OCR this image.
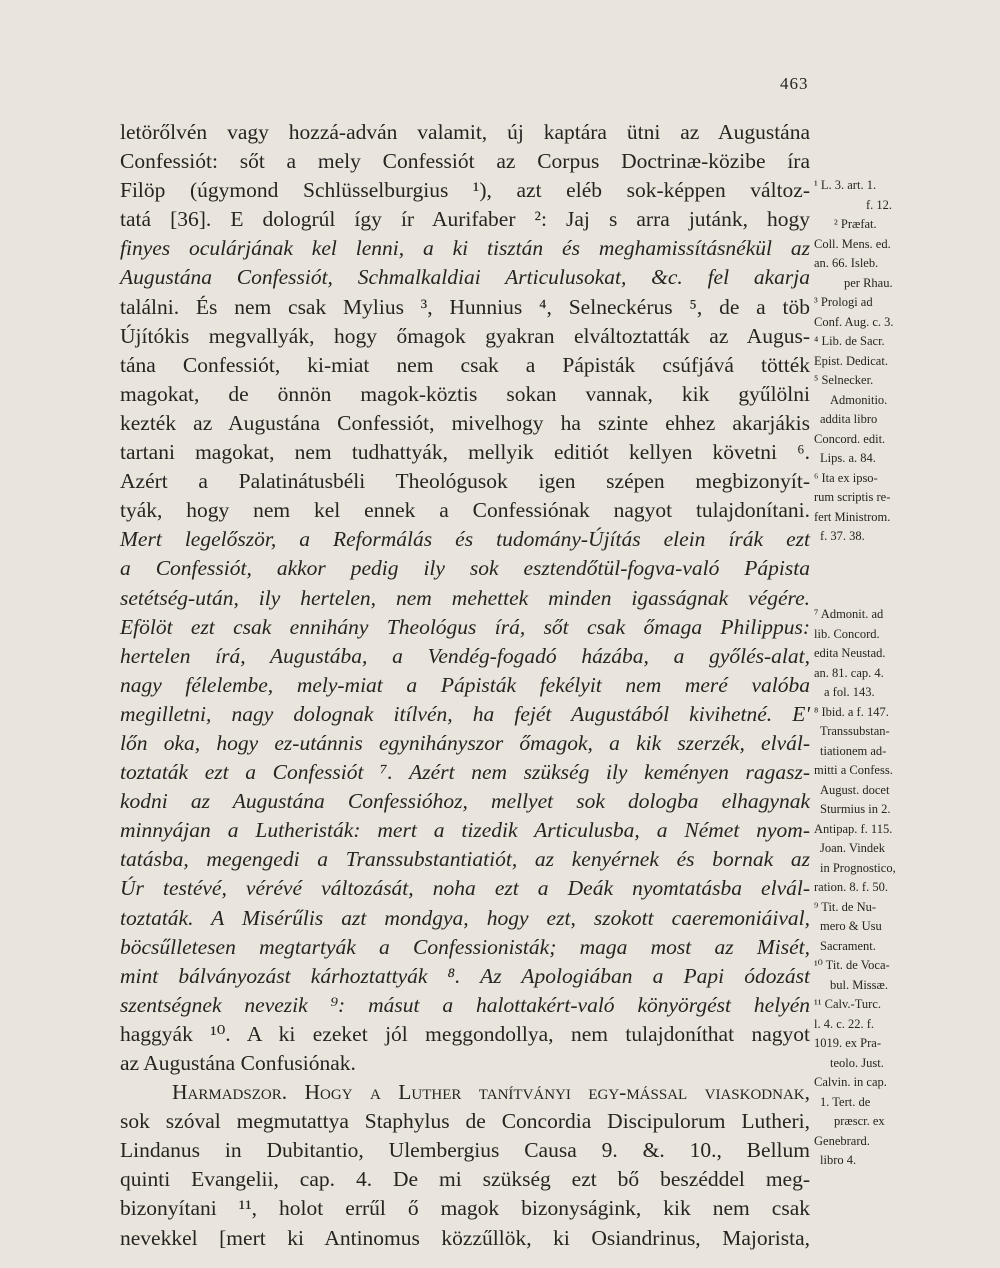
463
letörőlvén vagy hozzá-adván valamit, új kaptára ütni az Augustána
Confessiót: sőt a mely Confessiót az Corpus Doctrinæ-közibe íra
Filöp (úgymond Schlüsselburgius ¹), azt eléb sok-képpen változ-
tatá [36]. E dologrúl így ír Aurifaber ²: Jaj s arra jutánk, hogy
finyes oculárjának kel lenni, a ki tisztán és meghamissításnékül az
Augustána Confessiót, Schmalkaldiai Articulusokat, &c. fel akarja
találni. És nem csak Mylius ³, Hunnius ⁴, Selneckérus ⁵, de a töb
Újítókis megvallyák, hogy őmagok gyakran elváltoztatták az Augus-
tána Confessiót, ki-miat nem csak a Pápisták csúfjává tötték
magokat, de önnön magok-köztis sokan vannak, kik gyűlölni
kezték az Augustána Confessiót, mivelhogy ha szinte ehhez akarjákis
tartani magokat, nem tudhattyák, mellyik editiót kellyen követni ⁶.
Azért a Palatinátusbéli Theológusok igen szépen megbizonyít-
tyák, hogy nem kel ennek a Confessiónak nagyot tulajdonítani.
Mert legelőször, a Reformálás és tudomány-Újítás elein írák ezt
a Confessiót, akkor pedig ily sok esztendőtül-fogva-való Pápista
setétség-után, ily hertelen, nem mehettek minden igasságnak végére.
Efölöt ezt csak ennihány Theológus írá, sőt csak őmaga Philippus:
hertelen írá, Augustába, a Vendég-fogadó házába, a győlés-alat,
nagy félelembe, mely-miat a Pápisták fekélyit nem meré valóba
megilletni, nagy dolognak itílvén, ha fejét Augustából kivihetné. E'
lőn oka, hogy ez-utánnis egynihányszor őmagok, a kik szerzék, elvál-
toztaták ezt a Confessiót ⁷. Azért nem szükség ily keményen ragasz-
kodni az Augustána Confessióhoz, mellyet sok dologba elhagynak
minnyájan a Lutheristák: mert a tizedik Articulusba, a Német nyom-
tatásba, megengedi a Transsubstantiatiót, az kenyérnek és bornak az
Úr testévé, vérévé változását, noha ezt a Deák nyomtatásba elvál-
toztaták. A Misérűlis azt mondgya, hogy ezt, szokott caeremoniáival,
böcsűlletesen megtartyák a Confessionisták; maga most az Misét,
mint bálványozást kárhoztattyák ⁸. Az Apologiában a Papi ódozást
szentségnek nevezik ⁹: másut a halottakért-való könyörgést helyén
haggyák ¹⁰. A ki ezeket jól meggondollya, nem tulajdoníthat nagyot
az Augustána Confusiónak.
Harmadszor. Hogy a Luther tanítványi egy-mással viaskodnak,
sok szóval megmutattya Staphylus de Concordia Discipulorum Lutheri,
Lindanus in Dubitantio, Ulembergius Causa 9. &. 10., Bellum
quinti Evangelii, cap. 4. De mi szükség ezt bő beszéddel meg-
bizonyítani ¹¹, holot errűl ő magok bizonyságink, kik nem csak
nevekkel [mert ki Antinomus közzűllök, ki Osiandrinus, Majorista,
¹ L. 3. art. 1.
f. 12.
² Præfat.
Coll. Mens. ed.
an. 66. Isleb.
per Rhau.
³ Prologi ad
Conf. Aug. c. 3.
⁴ Lib. de Sacr.
Epist. Dedicat.
⁵ Selnecker.
Admonitio.
addita libro
Concord. edit.
Lips. a. 84.
⁶ Ita ex ipso-
rum scriptis re-
fert Ministrom.
f. 37. 38.
⁷ Admonit. ad
lib. Concord.
edita Neustad.
an. 81. cap. 4.
a fol. 143.
⁸ Ibid. a f. 147.
Transsubstan-
tiationem ad-
mitti a Confess.
August. docet
Sturmius in 2.
Antipap. f. 115.
Joan. Vindek
in Prognostico,
ration. 8. f. 50.
⁹ Tit. de Nu-
mero & Usu
Sacrament.
¹⁰ Tit. de Voca-
bul. Missæ.
¹¹ Calv.-Turc.
l. 4. c. 22. f.
1019. ex Pra-
teolo. Just.
Calvin. in cap.
1. Tert. de
præscr. ex
Genebrard.
libro 4.
